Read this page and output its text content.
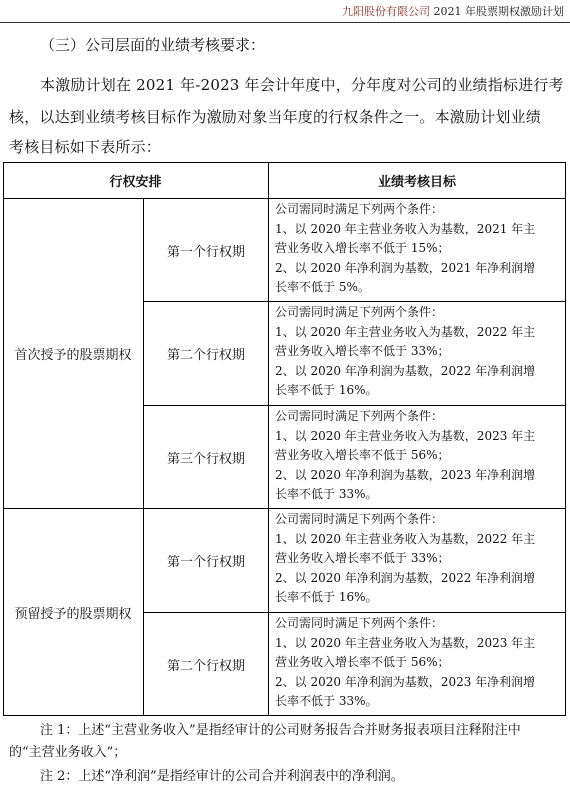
九阳股份有限公司 2021 年股票期权激励计划
（三）公司层面的业绩考核要求：
本激励计划在 2021 年-2023 年会计年度中，分年度对公司的业绩指标进行考
核，以达到业绩考核目标作为激励对象当年度的行权条件之一。本激励计划业绩
考核目标如下表所示：
行权安排	业绩考核目标
首次授予的股票期权
第一个行权期
公司需同时满足下列两个条件：
1、以 2020 年主营业务收入为基数，2021 年主
营业务收入增长率不低于 15%；
2、以 2020 年净利润为基数，2021 年净利润增
长率不低于 5%。
第二个行权期
公司需同时满足下列两个条件：
1、以 2020 年主营业务收入为基数，2022 年主
营业务收入增长率不低于 33%；
2、以 2020 年净利润为基数，2022 年净利润增
长率不低于 16%。
第三个行权期
公司需同时满足下列两个条件：
1、以 2020 年主营业务收入为基数，2023 年主
营业务收入增长率不低于 56%；
2、以 2020 年净利润为基数，2023 年净利润增
长率不低于 33%。
预留授予的股票期权
第一个行权期
公司需同时满足下列两个条件：
1、以 2020 年主营业务收入为基数，2022 年主
营业务收入增长率不低于 33%；
2、以 2020 年净利润为基数，2022 年净利润增
长率不低于 16%。
第二个行权期
公司需同时满足下列两个条件：
1、以 2020 年主营业务收入为基数，2023 年主
营业务收入增长率不低于 56%；
2、以 2020 年净利润为基数，2023 年净利润增
长率不低于 33%。
注 1：上述“主营业务收入”是指经审计的公司财务报告合并财务报表项目注释附注中
的“主营业务收入”；
注 2：上述“净利润”是指经审计的公司合并利润表中的净利润。
